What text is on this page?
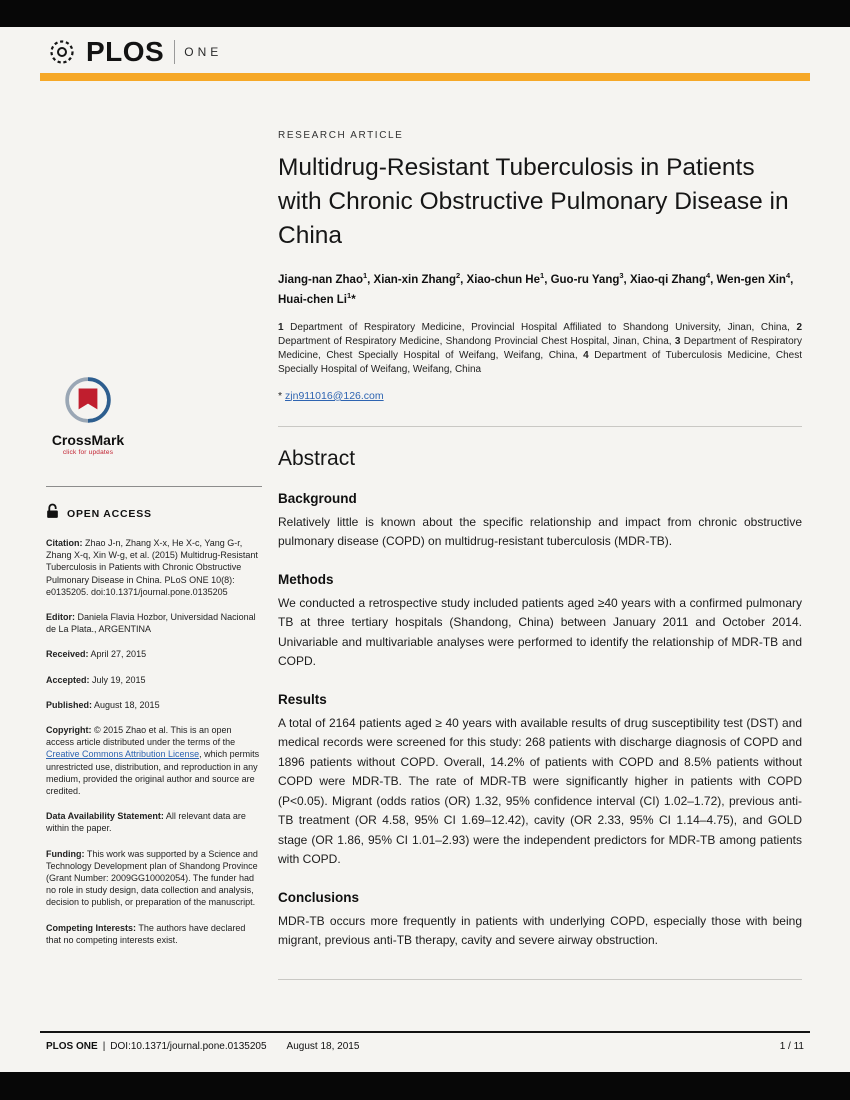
PLOS ONE
CrossMark
click for updates
OPEN ACCESS

Citation: Zhao J-n, Zhang X-x, He X-c, Yang G-r, Zhang X-q, Xin W-g, et al. (2015) Multidrug-Resistant Tuberculosis in Patients with Chronic Obstructive Pulmonary Disease in China. PLoS ONE 10(8): e0135205. doi:10.1371/journal.pone.0135205

Editor: Daniela Flavia Hozbor, Universidad Nacional de La Plata., ARGENTINA

Received: April 27, 2015

Accepted: July 19, 2015

Published: August 18, 2015

Copyright: © 2015 Zhao et al. This is an open access article distributed under the terms of the Creative Commons Attribution License, which permits unrestricted use, distribution, and reproduction in any medium, provided the original author and source are credited.

Data Availability Statement: All relevant data are within the paper.

Funding: This work was supported by a Science and Technology Development plan of Shandong Province (Grant Number: 2009GG10002054). The funder had no role in study design, data collection and analysis, decision to publish, or preparation of the manuscript.

Competing Interests: The authors have declared that no competing interests exist.

RESEARCH ARTICLE
Multidrug-Resistant Tuberculosis in Patients with Chronic Obstructive Pulmonary Disease in China

Jiang-nan Zhao$^1$, Xian-xin Zhang$^2$, Xiao-chun He$^1$, Guo-ru Yang$^3$, Xiao-qi Zhang$^4$, Wen-gen Xin$^4$, Huai-chen Li$^1$*

1 Department of Respiratory Medicine, Provincial Hospital Affiliated to Shandong University, Jinan, China, 2 Department of Respiratory Medicine, Shandong Provincial Chest Hospital, Jinan, China, 3 Department of Respiratory Medicine, Chest Specially Hospital of Weifang, Weifang, China, 4 Department of Tuberculosis Medicine, Chest Specially Hospital of Weifang, Weifang, China

* zjn911016@126.com

Abstract
Background

Relatively little is known about the specific relationship and impact from chronic obstructive pulmonary disease (COPD) on multidrug-resistant tuberculosis (MDR-TB).

Methods

We conducted a retrospective study included patients aged ≥40 years with a confirmed pulmonary TB at three tertiary hospitals (Shandong, China) between January 2011 and October 2014. Univariable and multivariable analyses were performed to identify the relationship of MDR-TB and COPD.

Results

A total of 2164 patients aged ≥ 40 years with available results of drug susceptibility test (DST) and medical records were screened for this study: 268 patients with discharge diagnosis of COPD and 1896 patients without COPD. Overall, 14.2% of patients with COPD and 8.5% patients without COPD were MDR-TB. The rate of MDR-TB were significantly higher in patients with COPD (P<0.05). Migrant (odds ratios (OR) 1.32, 95% confidence interval (CI) 1.02–1.72), previous anti-TB treatment (OR 4.58, 95% CI 1.69–12.42), cavity (OR 2.33, 95% CI 1.14–4.75), and GOLD stage (OR 1.86, 95% CI 1.01–2.93) were the independent predictors for MDR-TB among patients with COPD.

Conclusions

MDR-TB occurs more frequently in patients with underlying COPD, especially those with being migrant, previous anti-TB therapy, cavity and severe airway obstruction.

PLOS ONE | DOI:10.1371/journal.pone.0135205 August 18, 2015	1 / 11
